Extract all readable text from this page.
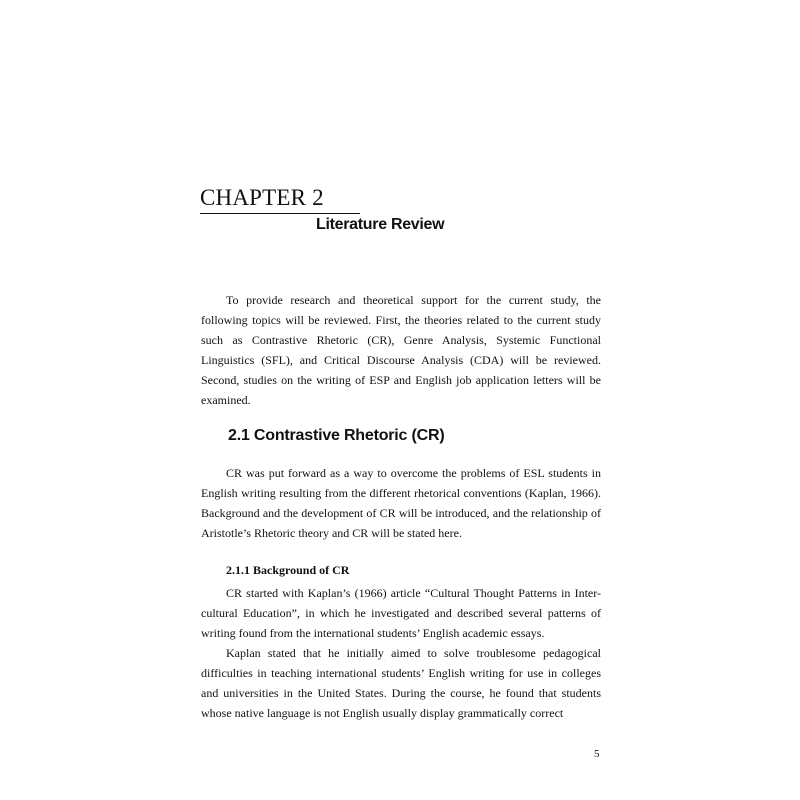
CHAPTER 2
Literature Review

To provide research and theoretical support for the current study, the following topics will be reviewed. First, the theories related to the current study such as Contrastive Rhetoric (CR), Genre Analysis, Systemic Functional Linguistics (SFL), and Critical Discourse Analysis (CDA) will be reviewed. Second, studies on the writing of ESP and English job application letters will be examined.

2.1 Contrastive Rhetoric (CR)

CR was put forward as a way to overcome the problems of ESL students in English writing resulting from the different rhetorical conventions (Kaplan, 1966). Background and the development of CR will be introduced, and the relationship of Aristotle’s Rhetoric theory and CR will be stated here.

2.1.1 Background of CR

CR started with Kaplan’s (1966) article “Cultural Thought Patterns in Inter-cultural Education”, in which he investigated and described several patterns of writing found from the international students’ English academic essays.

Kaplan stated that he initially aimed to solve troublesome pedagogical difficulties in teaching international students’ English writing for use in colleges and universities in the United States. During the course, he found that students whose native language is not English usually display grammatically correct

5
